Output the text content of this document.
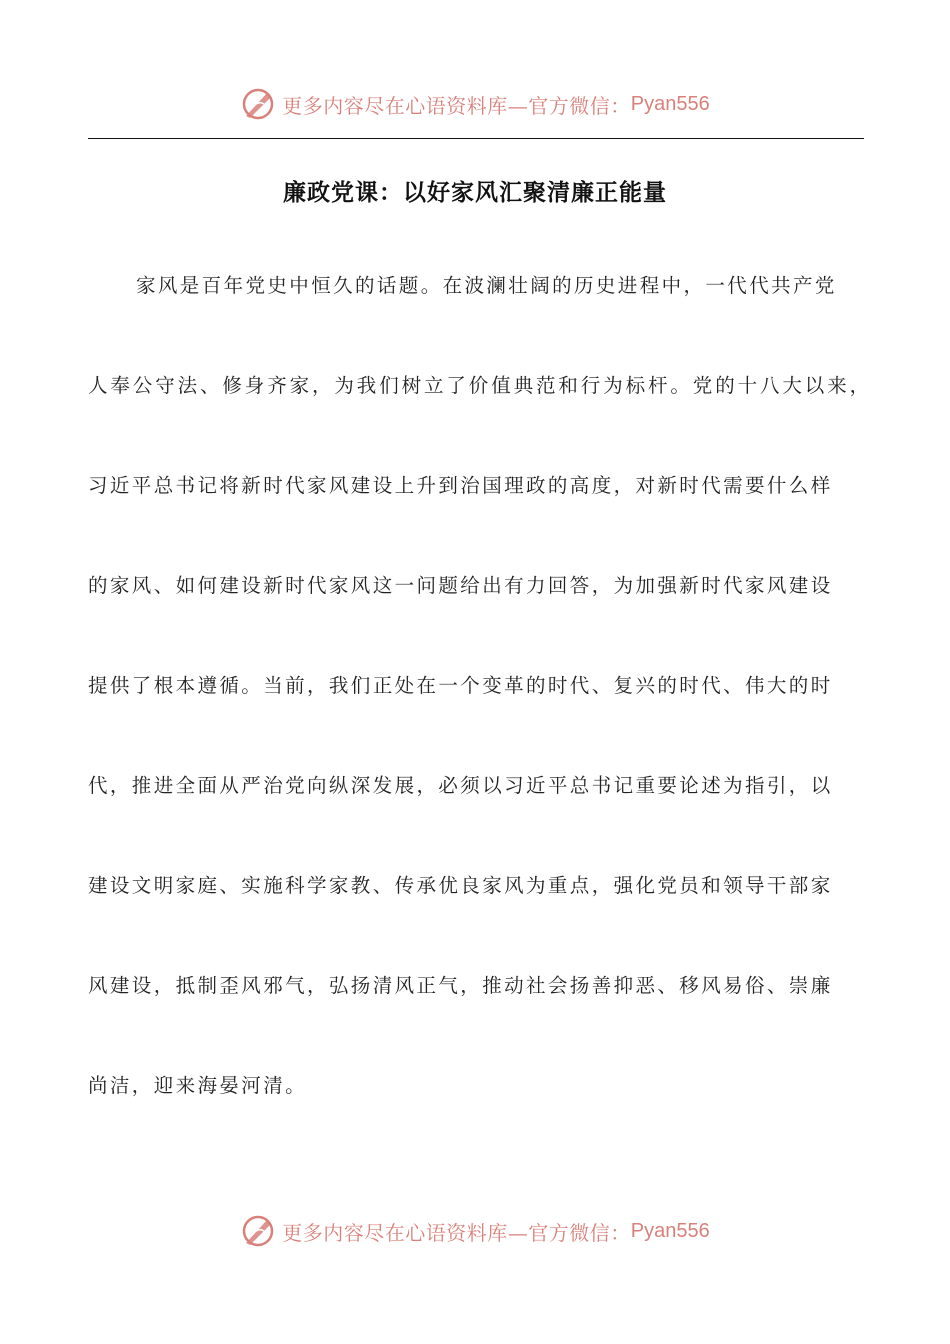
更多内容尽在心语资料库—官方微信： Pyan556
廉政党课：以好家风汇聚清廉正能量
家风是百年党史中恒久的话题。在波澜壮阔的历史进程中，一代代共产党
人奉公守法、修身齐家，为我们树立了价值典范和行为标杆。党的十八大以来，
习近平总书记将新时代家风建设上升到治国理政的高度，对新时代需要什么样
的家风、如何建设新时代家风这一问题给出有力回答，为加强新时代家风建设
提供了根本遵循。当前，我们正处在一个变革的时代、复兴的时代、伟大的时
代，推进全面从严治党向纵深发展，必须以习近平总书记重要论述为指引，以
建设文明家庭、实施科学家教、传承优良家风为重点，强化党员和领导干部家
风建设，抵制歪风邪气，弘扬清风正气，推动社会扬善抑恶、移风易俗、崇廉
尚洁，迎来海晏河清。
更多内容尽在心语资料库—官方微信： Pyan556
